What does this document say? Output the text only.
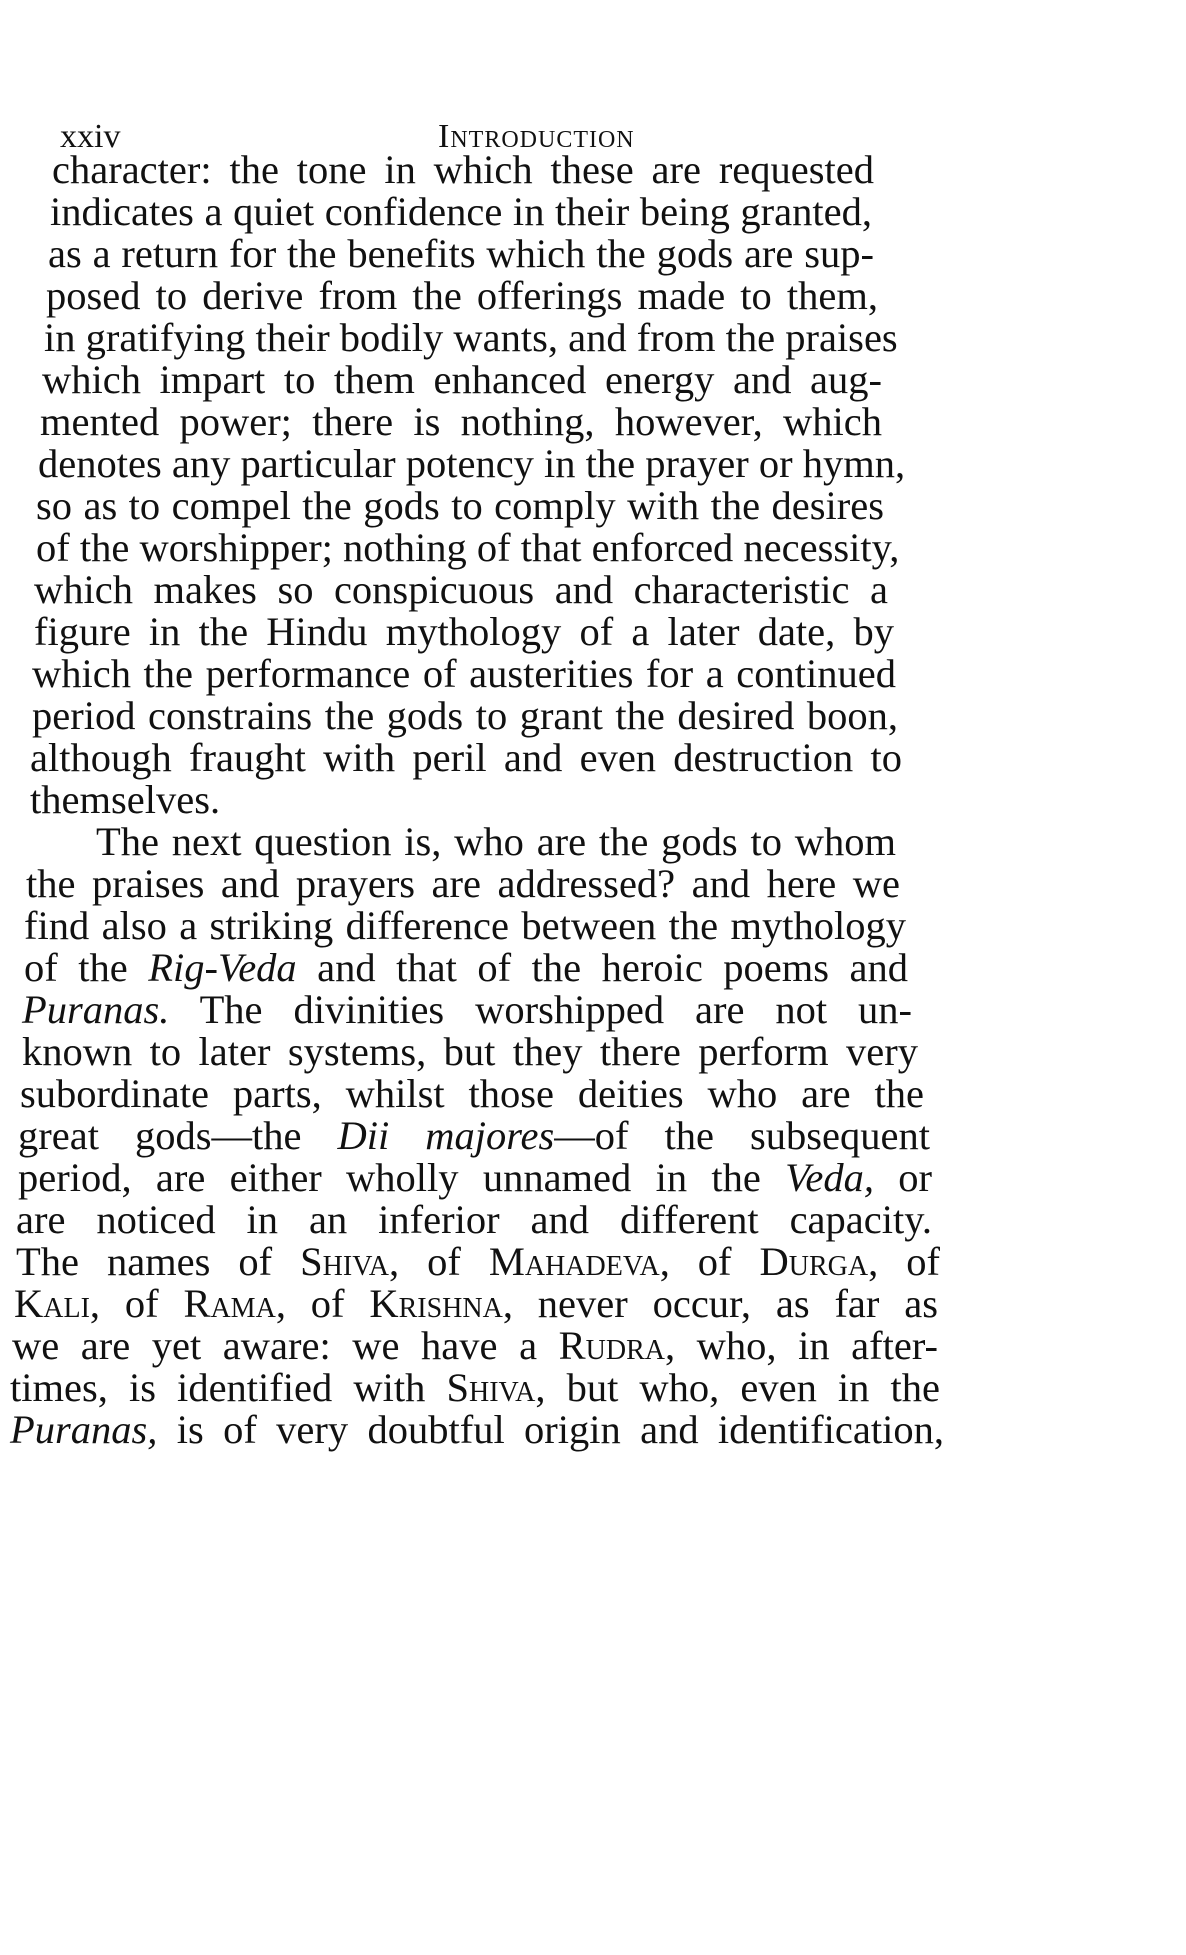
xxiv	Introduction
character: the tone in which these are requested
indicates a quiet confidence in their being granted,
as a return for the benefits which the gods are sup-
posed to derive from the offerings made to them,
in gratifying their bodily wants, and from the praises
which impart to them enhanced energy and aug-
mented power; there is nothing, however, which
denotes any particular potency in the prayer or hymn,
so as to compel the gods to comply with the desires
of the worshipper; nothing of that enforced necessity,
which makes so conspicuous and characteristic a
figure in the Hindu mythology of a later date, by
which the performance of austerities for a continued
period constrains the gods to grant the desired boon,
although fraught with peril and even destruction to
themselves.
The next question is, who are the gods to whom
the praises and prayers are addressed? and here we
find also a striking difference between the mythology
of the Rig-Veda and that of the heroic poems and
Puranas. The divinities worshipped are not un-
known to later systems, but they there perform very
subordinate parts, whilst those deities who are the
great gods—the Dii majores—of the subsequent
period, are either wholly unnamed in the Veda, or
are noticed in an inferior and different capacity.
The names of Shiva, of Mahadeva, of Durga, of
Kali, of Rama, of Krishna, never occur, as far as
we are yet aware: we have a Rudra, who, in after-
times, is identified with Shiva, but who, even in the
Puranas, is of very doubtful origin and identification,
